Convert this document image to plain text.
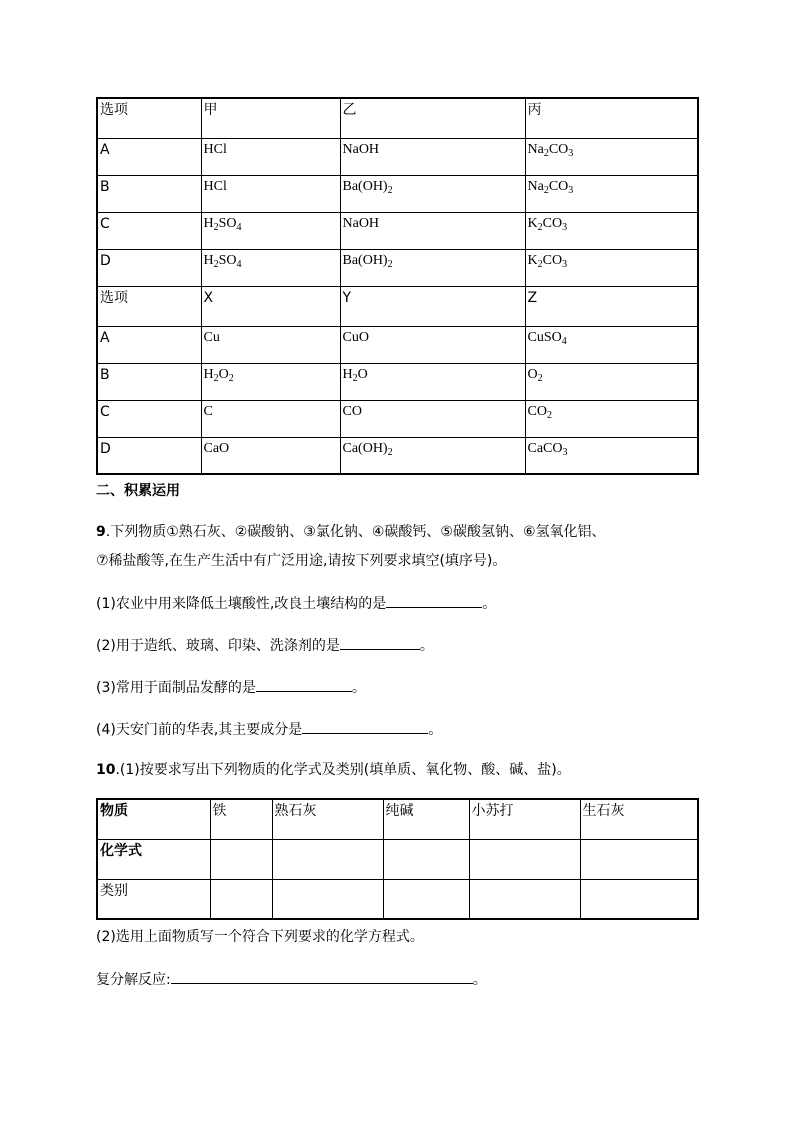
选项	甲	乙	丙
A	HCl	NaOH	$Na_2CO_3$
B	HCl	$Ba(OH)_2$	$Na_2CO_3$
C	$H_2SO_4$	NaOH	$K_2CO_3$
D	$H_2SO_4$	$Ba(OH)_2$	$K_2CO_3$
选项	X	Y	Z
A	Cu	CuO	CuSO$_4$
B	$H_2O_2$	$H_2O$	$O_2$
C	C	CO	$CO_2$
D	CaO	$Ca(OH)_2$	CaCO$_3$
二、积累运用
9.下列物质①熟石灰、②碳酸钠、③氯化钠、④碳酸钙、⑤碳酸氢钠、⑥氢氧化铝、
⑦稀盐酸等,在生产生活中有广泛用途,请按下列要求填空(填序号)。
(1)农业中用来降低土壤酸性,改良土壤结构的是	。
(2)用于造纸、玻璃、印染、洗涤剂的是	。
(3)常用于面制品发酵的是	。
(4)天安门前的华表,其主要成分是	。
10.(1)按要求写出下列物质的化学式及类别(填单质、氧化物、酸、碱、盐)。
物质	铁	熟石灰	纯碱	小苏打	生石灰
化学式					
类别					
(2)选用上面物质写一个符合下列要求的化学方程式。
复分解反应:	。
